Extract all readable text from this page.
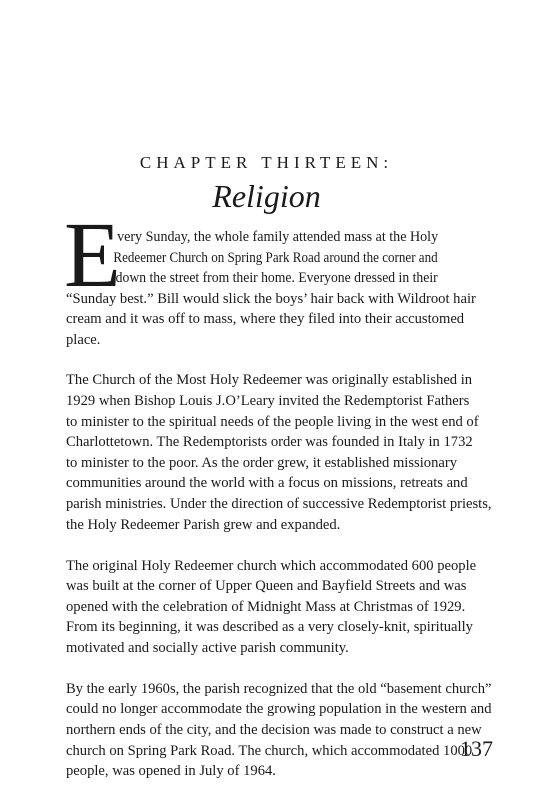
CHAPTER THIRTEEN:
Religion
E
very Sunday, the whole family attended mass at the Holy
Redeemer Church on Spring Park Road around the corner and
down the street from their home. Everyone dressed in their
“Sunday best.” Bill would slick the boys’ hair back with Wildroot hair
cream and it was off to mass, where they filed into their accustomed
place.
The Church of the Most Holy Redeemer was originally established in
1929 when Bishop Louis J.O’Leary invited the Redemptorist Fathers
to minister to the spiritual needs of the people living in the west end of
Charlottetown. The Redemptorists order was founded in Italy in 1732
to minister to the poor. As the order grew, it established missionary
communities around the world with a focus on missions, retreats and
parish ministries. Under the direction of successive Redemptorist priests,
the Holy Redeemer Parish grew and expanded.
The original Holy Redeemer church which accommodated 600 people
was built at the corner of Upper Queen and Bayfield Streets and was
opened with the celebration of Midnight Mass at Christmas of 1929.
From its beginning, it was described as a very closely-knit, spiritually
motivated and socially active parish community.
By the early 1960s, the parish recognized that the old “basement church”
could no longer accommodate the growing population in the western and
northern ends of the city, and the decision was made to construct a new
church on Spring Park Road. The church, which accommodated 1000
people, was opened in July of 1964.
137
